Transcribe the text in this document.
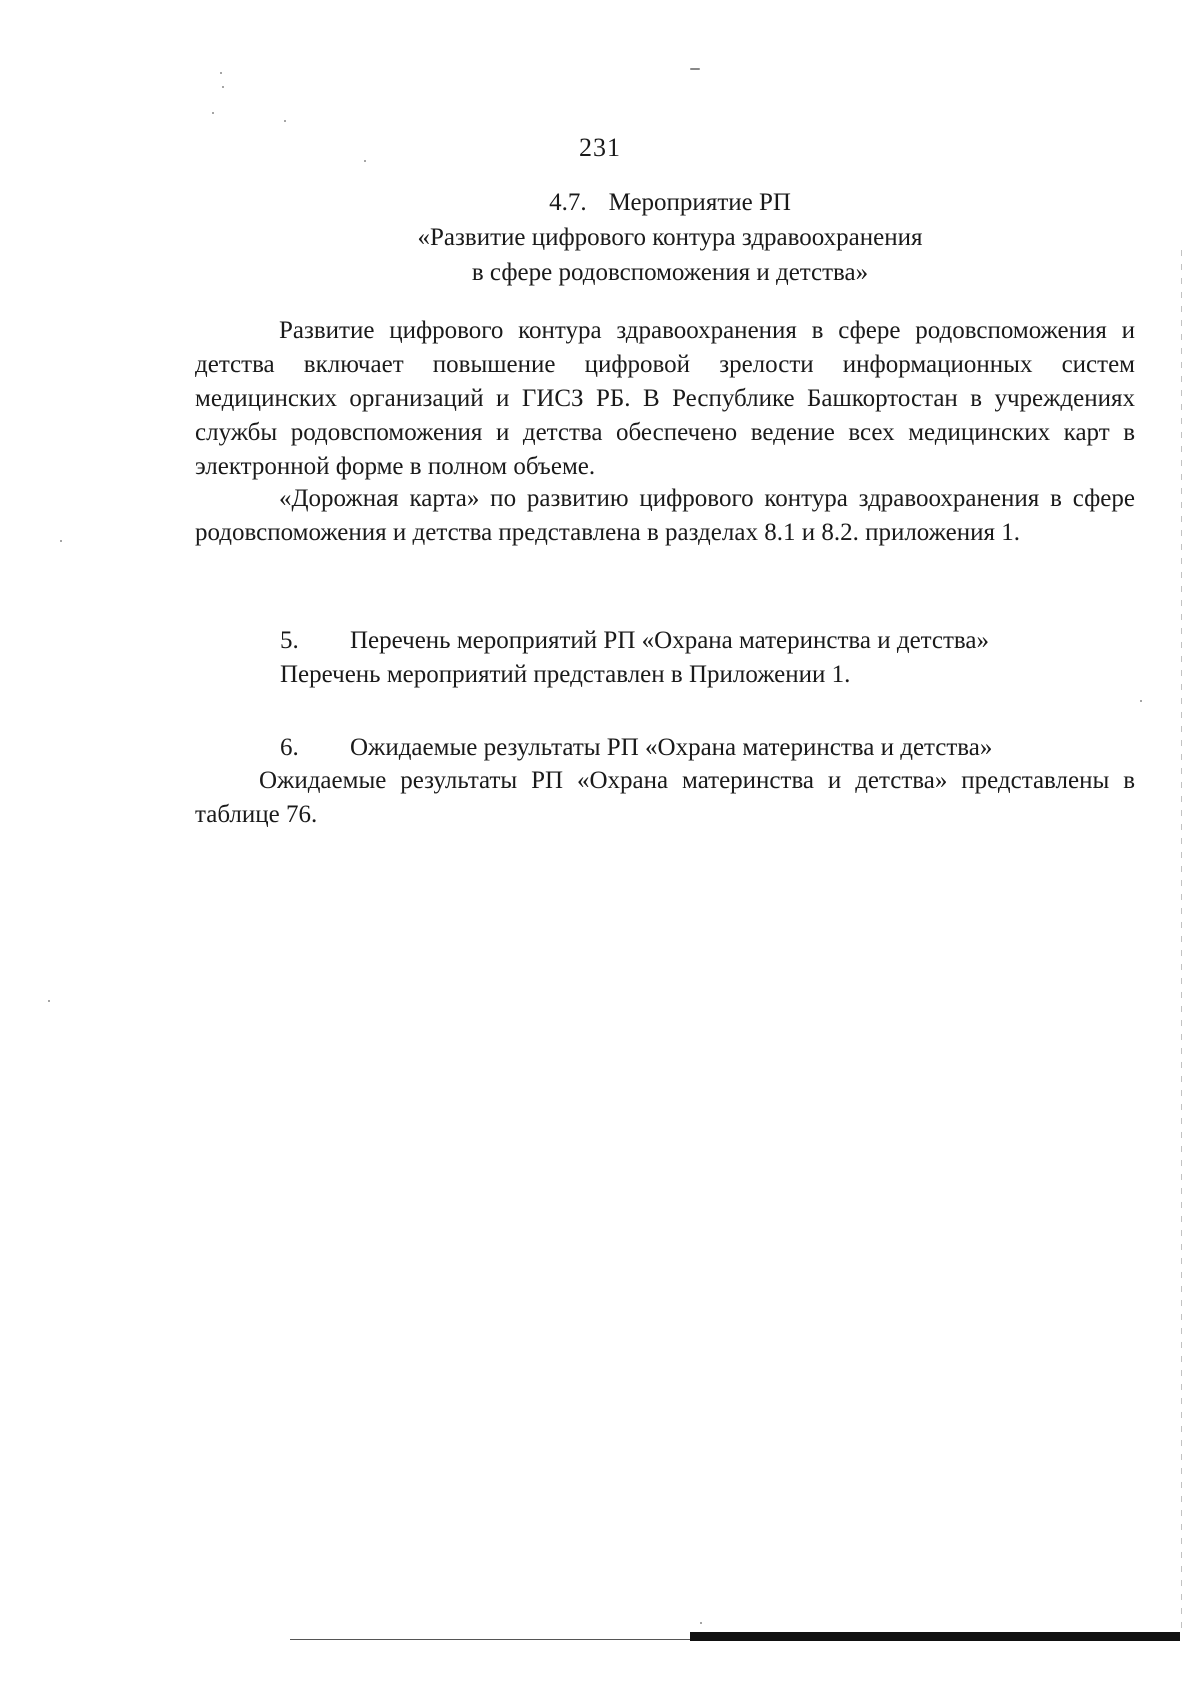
231
4.7. Мероприятие РП
«Развитие цифрового контура здравоохранения
в сфере родовспоможения и детства»

Развитие цифрового контура здравоохранения в сфере родовспоможения и детства включает повышение цифровой зрелости информационных систем медицинских организаций и ГИСЗ РБ. В Республике Башкортостан в учреждениях службы родовспоможения и детства обеспечено ведение всех медицинских карт в электронной форме в полном объеме.

«Дорожная карта» по развитию цифрового контура здравоохранения в сфере родовспоможения и детства представлена в разделах 8.1 и 8.2. приложения 1.

5. Перечень мероприятий РП «Охрана материнства и детства»
Перечень мероприятий представлен в Приложении 1.
6. Ожидаемые результаты РП «Охрана материнства и детства»
Ожидаемые результаты РП «Охрана материнства и детства» представлены в таблице 76.
